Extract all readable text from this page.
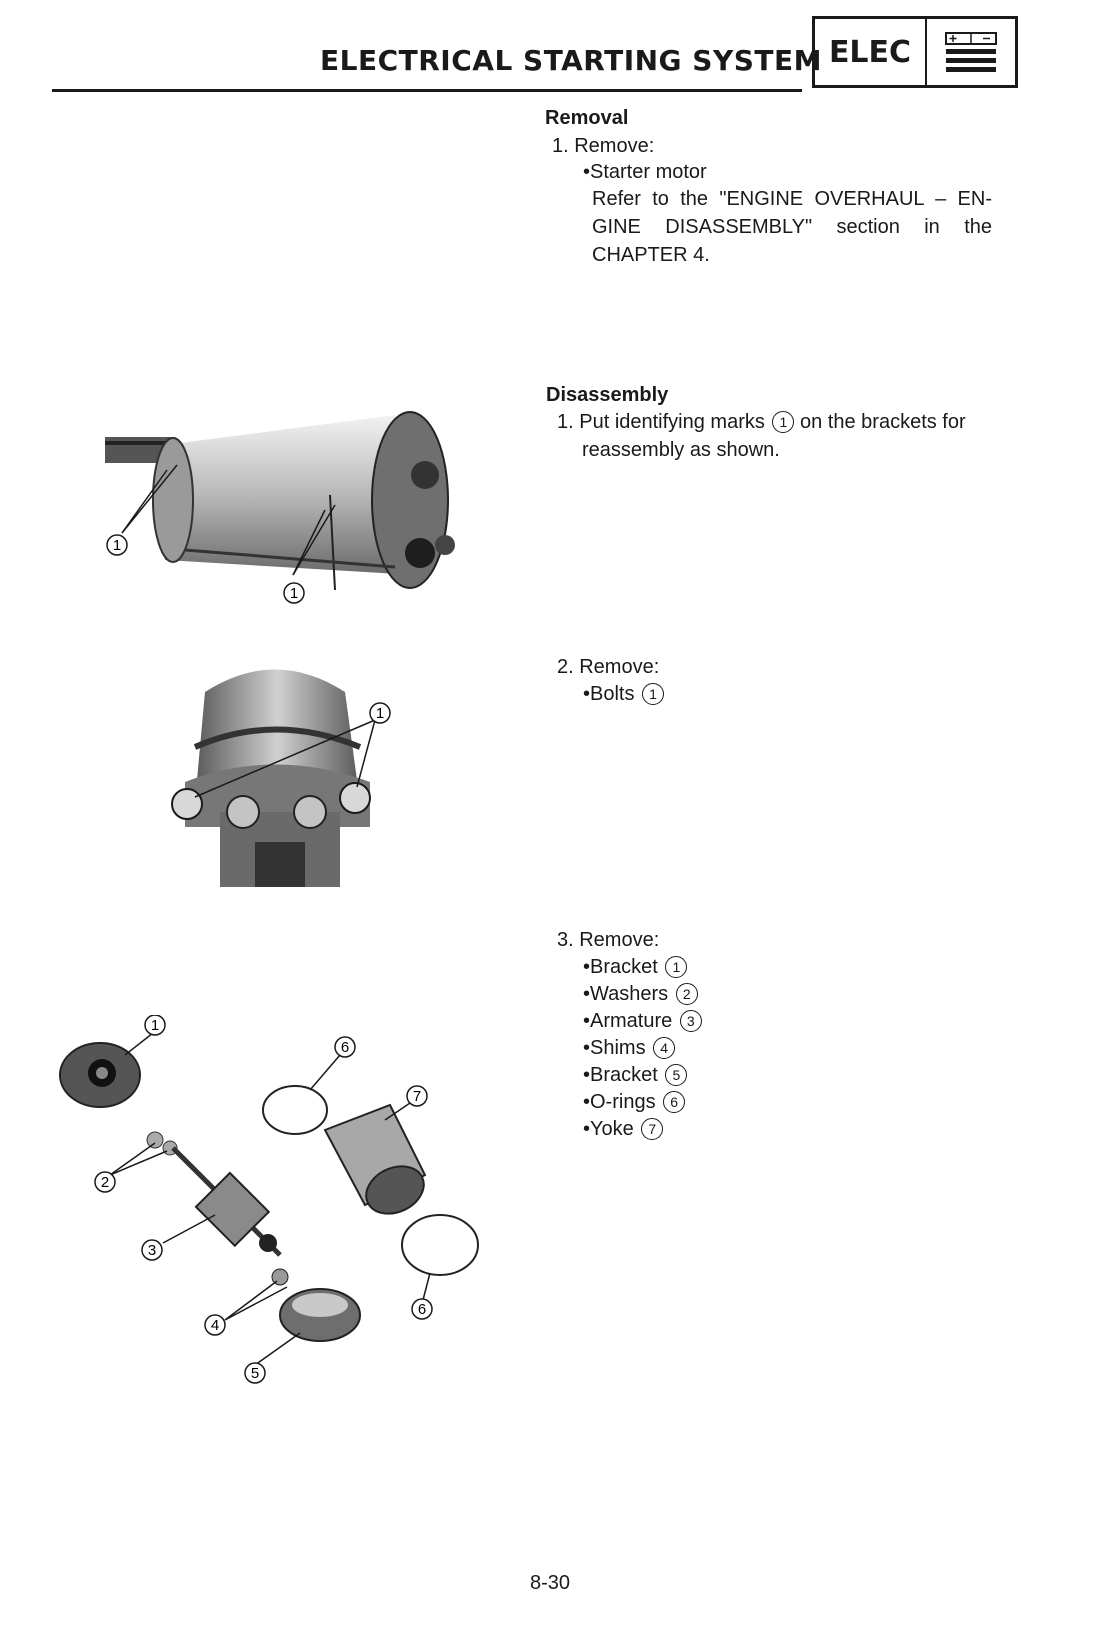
ELECTRICAL STARTING SYSTEM ELEC
Removal
1. Remove:
•Starter motor
Refer to the "ENGINE OVERHAUL – EN-
GINE DISASSEMBLY" section in the
CHAPTER 4.
Disassembly
1. Put identifying marks 1 on the brackets for
reassembly as shown.
2. Remove:
•Bolts 1
3. Remove:
•Bracket 1
•Washers 2
•Armature 3
•Shims 4
•Bracket 5
•O-rings 6
•Yoke 7
1
1
1
1
2
3
4
5
6
7
6
8-30
